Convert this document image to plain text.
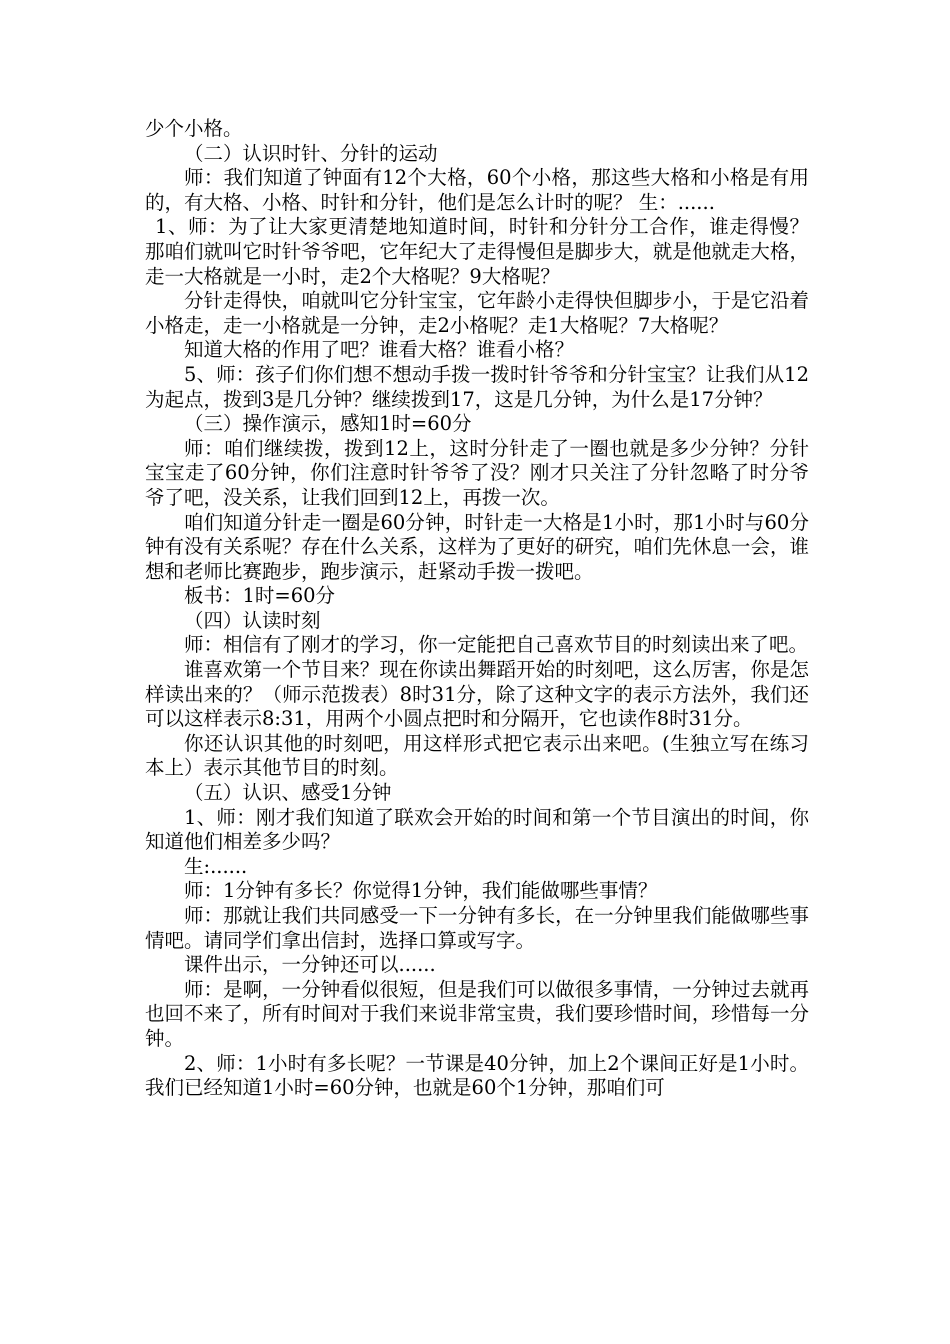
少个小格。

（二）认识时针、分针的运动

师：我们知道了钟面有12个大格，60个小格，那这些大格和小格是有用的，有大格、小格、时针和分针，他们是怎么计时的呢？ 生：......

1、师：为了让大家更清楚地知道时间，时针和分针分工合作，谁走得慢？那咱们就叫它时针爷爷吧，它年纪大了走得慢但是脚步大，就是他就走大格，走一大格就是一小时，走2个大格呢？9大格呢？

分针走得快，咱就叫它分针宝宝，它年龄小走得快但脚步小，于是它沿着小格走，走一小格就是一分钟，走2小格呢？走1大格呢？7大格呢？

知道大格的作用了吧？谁看大格？谁看小格？

5、师：孩子们你们想不想动手拨一拨时针爷爷和分针宝宝？让我们从12为起点，拨到3是几分钟？继续拨到17，这是几分钟，为什么是17分钟？

（三）操作演示，感知1时=60分

师：咱们继续拨，拨到12上，这时分针走了一圈也就是多少分钟？分针宝宝走了60分钟，你们注意时针爷爷了没？刚才只关注了分针忽略了时分爷爷了吧，没关系，让我们回到12上，再拨一次。

咱们知道分针走一圈是60分钟，时针走一大格是1小时，那1小时与60分钟有没有关系呢？存在什么关系，这样为了更好的研究，咱们先休息一会，谁想和老师比赛跑步，跑步演示，赶紧动手拨一拨吧。

板书：1时=60分

（四）认读时刻

师：相信有了刚才的学习，你一定能把自己喜欢节目的时刻读出来了吧。

谁喜欢第一个节目来？现在你读出舞蹈开始的时刻吧，这么厉害，你是怎样读出来的？（师示范拨表）8时31分，除了这种文字的表示方法外，我们还可以这样表示8:31，用两个小圆点把时和分隔开，它也读作8时31分。

你还认识其他的时刻吧，用这样形式把它表示出来吧。(生独立写在练习本上）表示其他节目的时刻。

（五）认识、感受1分钟

1、师：刚才我们知道了联欢会开始的时间和第一个节目演出的时间，你知道他们相差多少吗？

生:......

师：1分钟有多长？你觉得1分钟，我们能做哪些事情？

师：那就让我们共同感受一下一分钟有多长，在一分钟里我们能做哪些事情吧。请同学们拿出信封，选择口算或写字。

课件出示，一分钟还可以......

师：是啊，一分钟看似很短，但是我们可以做很多事情，一分钟过去就再也回不来了，所有时间对于我们来说非常宝贵，我们要珍惜时间，珍惜每一分钟。

2、师：1小时有多长呢？一节课是40分钟，加上2个课间正好是1小时。我们已经知道1小时=60分钟，也就是60个1分钟，那咱们可
